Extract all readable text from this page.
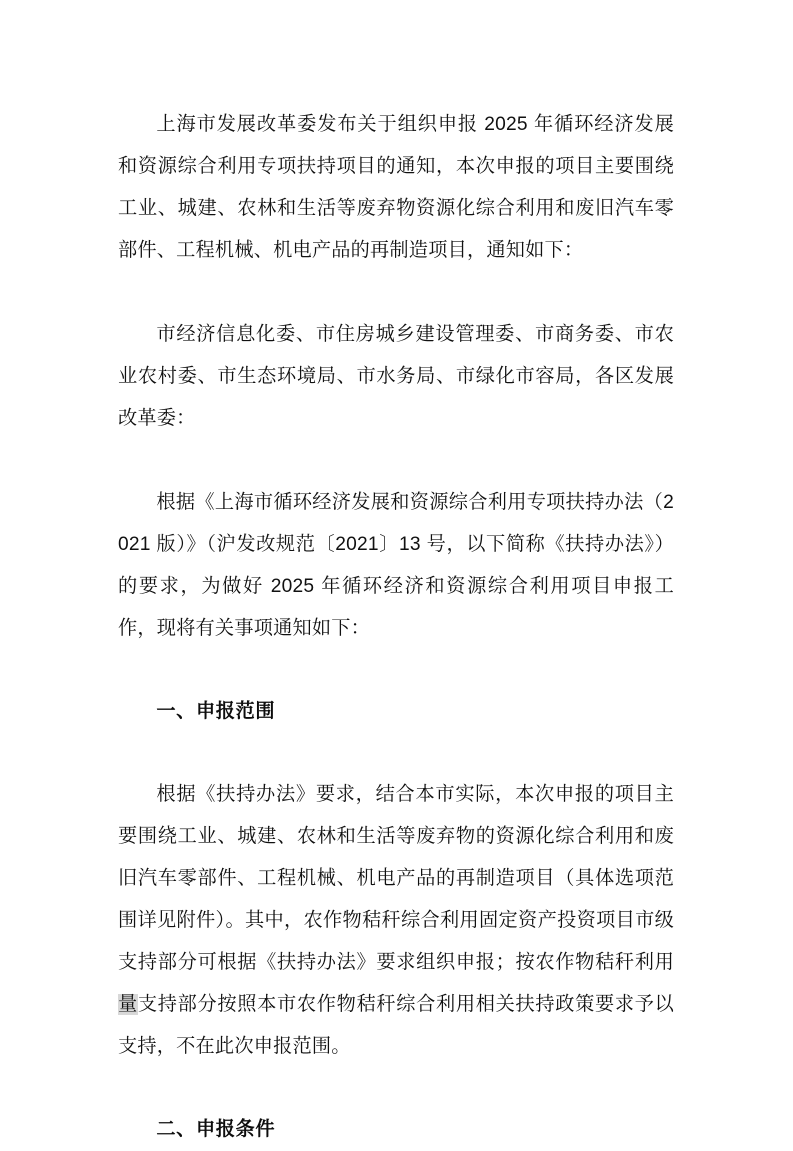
上海市发展改革委发布关于组织申报 2025 年循环经济发展和资源综合利用专项扶持项目的通知，本次申报的项目主要围绕工业、城建、农林和生活等废弃物资源化综合利用和废旧汽车零部件、工程机械、机电产品的再制造项目，通知如下：

市经济信息化委、市住房城乡建设管理委、市商务委、市农业农村委、市生态环境局、市水务局、市绿化市容局，各区发展改革委：

根据《上海市循环经济发展和资源综合利用专项扶持办法（2021 版）》（沪发改规范〔2021〕13 号，以下简称《扶持办法》）的要求，为做好 2025 年循环经济和资源综合利用项目申报工作，现将有关事项通知如下：

一、申报范围

根据《扶持办法》要求，结合本市实际，本次申报的项目主要围绕工业、城建、农林和生活等废弃物的资源化综合利用和废旧汽车零部件、工程机械、机电产品的再制造项目（具体选项范围详见附件）。其中，农作物秸秆综合利用固定资产投资项目市级支持部分可根据《扶持办法》要求组织申报；按农作物秸秆利用量支持部分按照本市农作物秸秆综合利用相关扶持政策要求予以支持，不在此次申报范围。

二、申报条件
